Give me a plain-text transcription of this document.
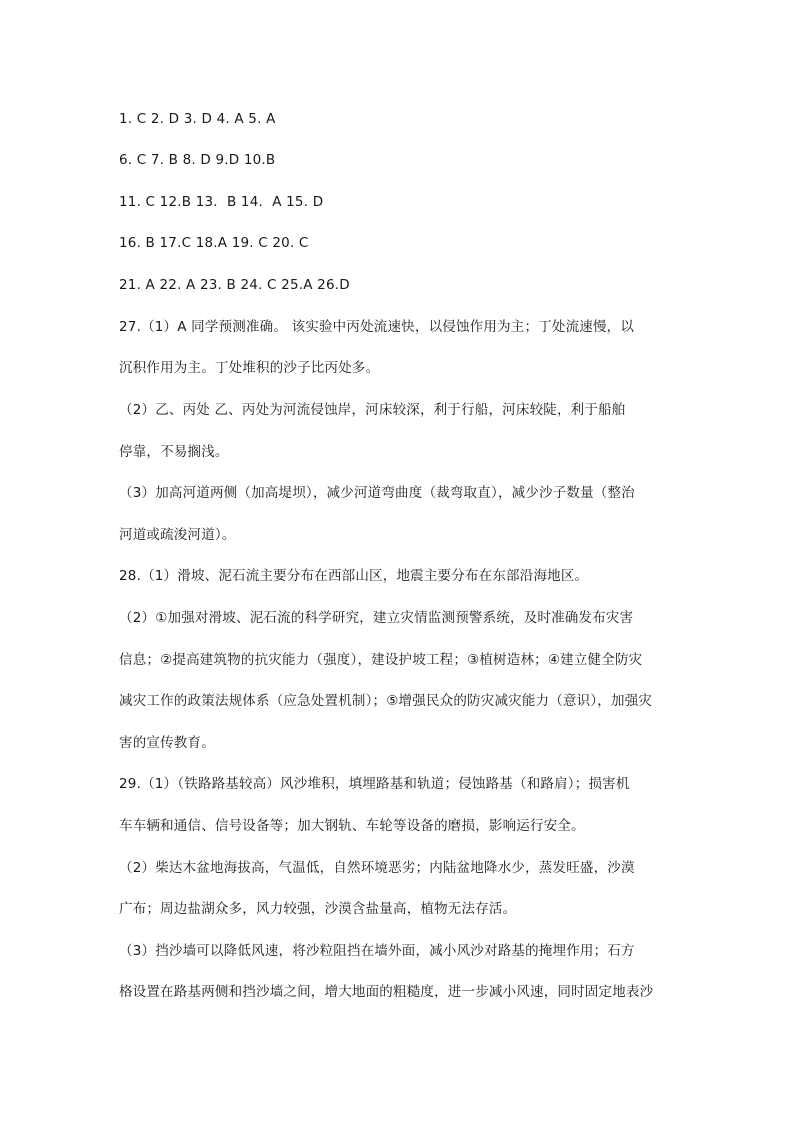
1. C 2. D 3. D 4. A 5. A
6. C 7. B 8. D 9.D 10.B
11. C 12.B 13．B 14．A 15. D
16. B 17.C 18.A 19. C 20. C
21. A 22. A 23. B 24. C 25.A 26.D
27.（1）A 同学预测准确。 该实验中丙处流速快，以侵蚀作用为主；丁处流速慢，以
沉积作用为主。丁处堆积的沙子比丙处多。
（2）乙、丙处 乙、丙处为河流侵蚀岸，河床较深，利于行船，河床较陡，利于船舶
停靠，不易搁浅。
（3）加高河道两侧（加高堤坝），减少河道弯曲度（裁弯取直），减少沙子数量（整治
河道或疏浚河道）。
28.（1）滑坡、泥石流主要分布在西部山区，地震主要分布在东部沿海地区。
（2）①加强对滑坡、泥石流的科学研究，建立灾情监测预警系统，及时准确发布灾害
信息；②提高建筑物的抗灾能力（强度），建设护坡工程；③植树造林；④建立健全防灾
减灾工作的政策法规体系（应急处置机制）；⑤增强民众的防灾减灾能力（意识），加强灾
害的宣传教育。
29.（1）（铁路路基较高）风沙堆积，填埋路基和轨道；侵蚀路基（和路肩）；损害机
车车辆和通信、信号设备等；加大钢轨、车轮等设备的磨损，影响运行安全。
（2）柴达木盆地海拔高，气温低，自然环境恶劣；内陆盆地降水少，蒸发旺盛，沙漠
广布；周边盐湖众多，风力较强，沙漠含盐量高，植物无法存活。
（3）挡沙墙可以降低风速，将沙粒阻挡在墙外面，减小风沙对路基的掩埋作用；石方
格设置在路基两侧和挡沙墙之间，增大地面的粗糙度，进一步减小风速，同时固定地表沙
